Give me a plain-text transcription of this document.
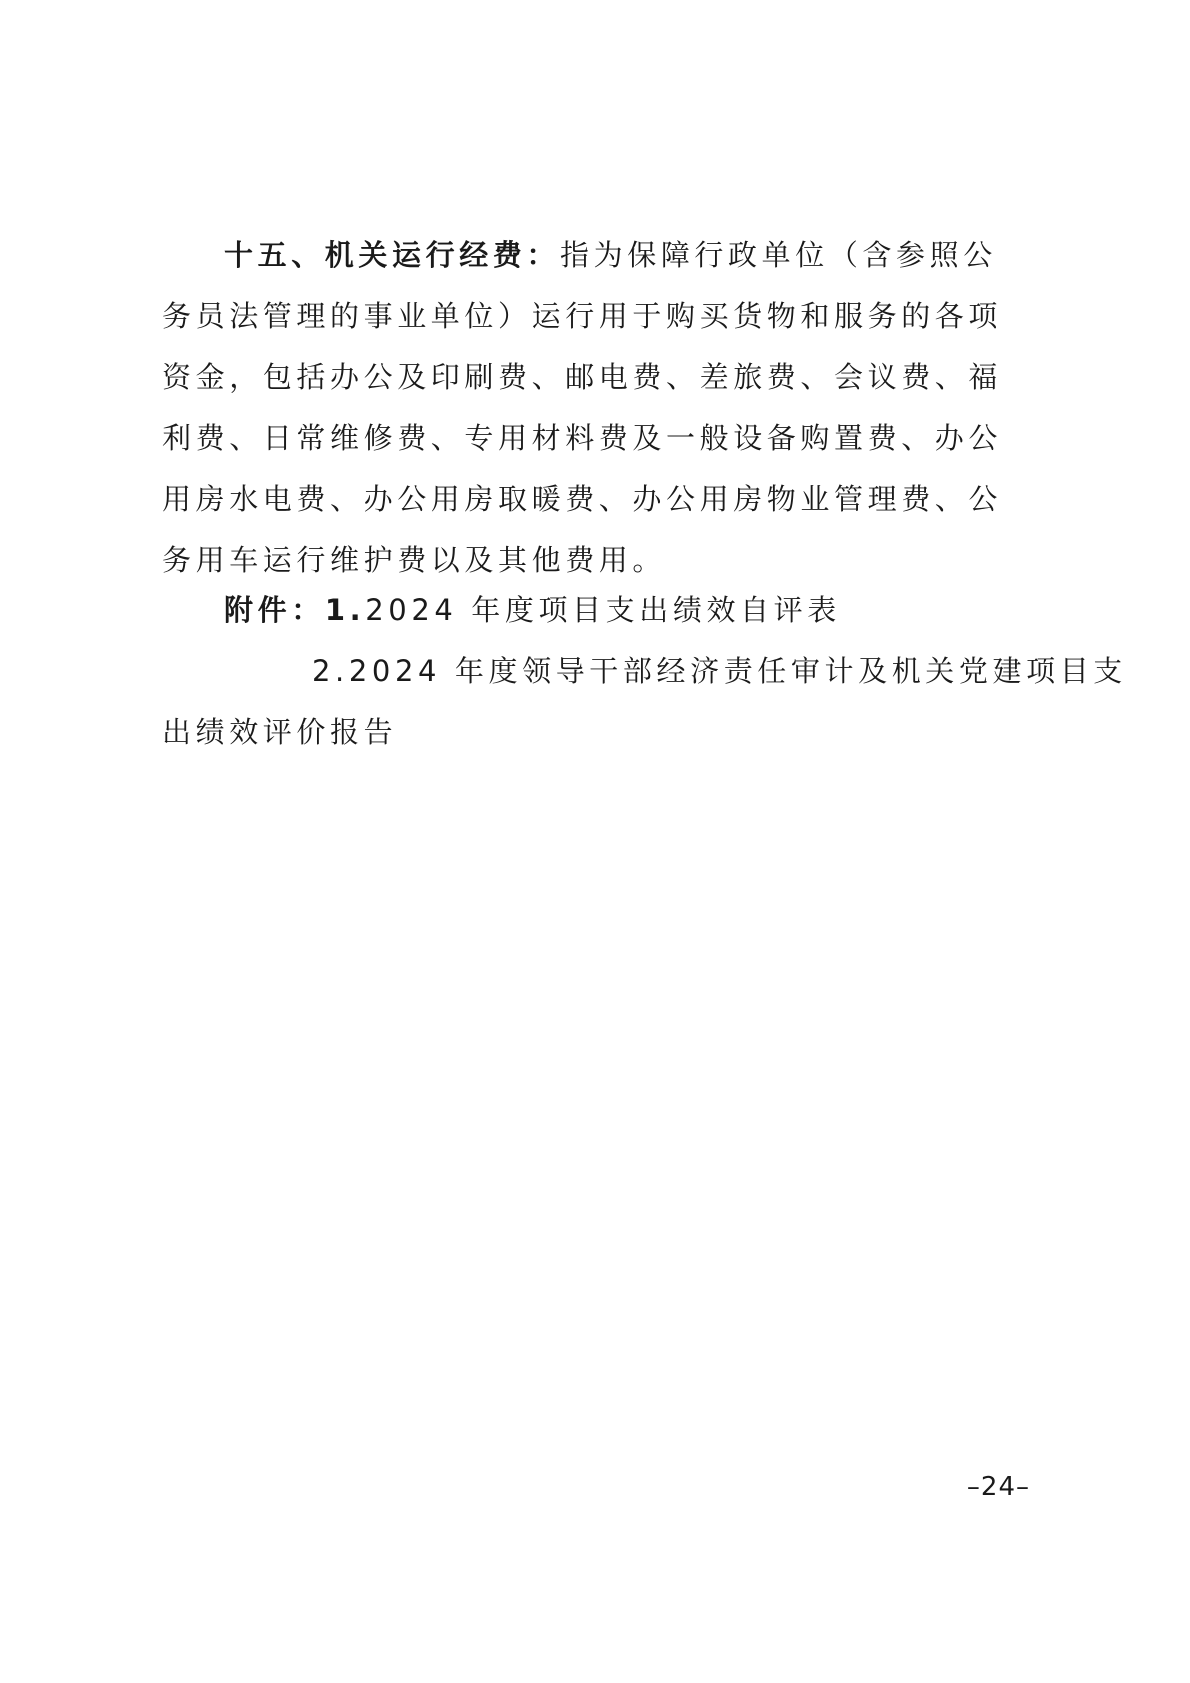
十五、机关运行经费：指为保障行政单位（含参照公务员法管理的事业单位）运行用于购买货物和服务的各项资金，包括办公及印刷费、邮电费、差旅费、会议费、福利费、日常维修费、专用材料费及一般设备购置费、办公用房水电费、办公用房取暖费、办公用房物业管理费、公务用车运行维护费以及其他费用。

附件：1.2024 年度项目支出绩效自评表

2.2024 年度领导干部经济责任审计及机关党建项目支

出绩效评价报告

–24–
